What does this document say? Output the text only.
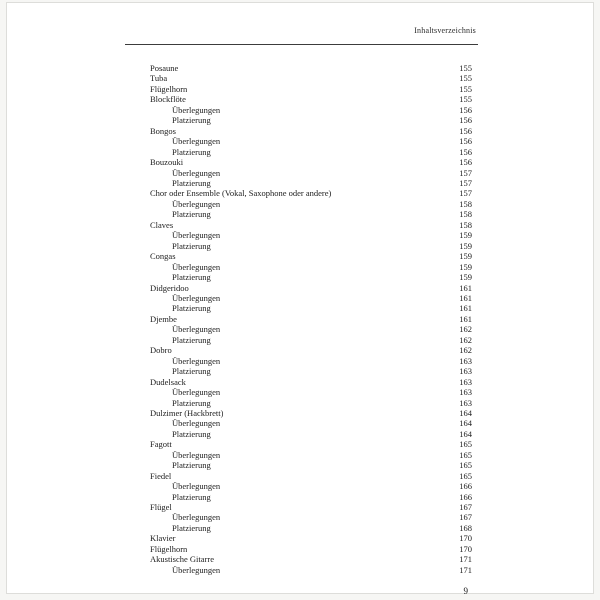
Inhaltsverzeichnis
Posaune	155
Tuba	155
Flügelhorn	155
Blockflöte	155
Überlegungen	156
Platzierung	156
Bongos	156
Überlegungen	156
Platzierung	156
Bouzouki	156
Überlegungen	157
Platzierung	157
Chor oder Ensemble (Vokal, Saxophone oder andere)	157
Überlegungen	158
Platzierung	158
Claves	158
Überlegungen	159
Platzierung	159
Congas	159
Überlegungen	159
Platzierung	159
Didgeridoo	161
Überlegungen	161
Platzierung	161
Djembe	161
Überlegungen	162
Platzierung	162
Dobro	162
Überlegungen	163
Platzierung	163
Dudelsack	163
Überlegungen	163
Platzierung	163
Dulzimer (Hackbrett)	164
Überlegungen	164
Platzierung	164
Fagott	165
Überlegungen	165
Platzierung	165
Fiedel	165
Überlegungen	166
Platzierung	166
Flügel	167
Überlegungen	167
Platzierung	168
Klavier	170
Flügelhorn	170
Akustische Gitarre	171
Überlegungen	171
9
